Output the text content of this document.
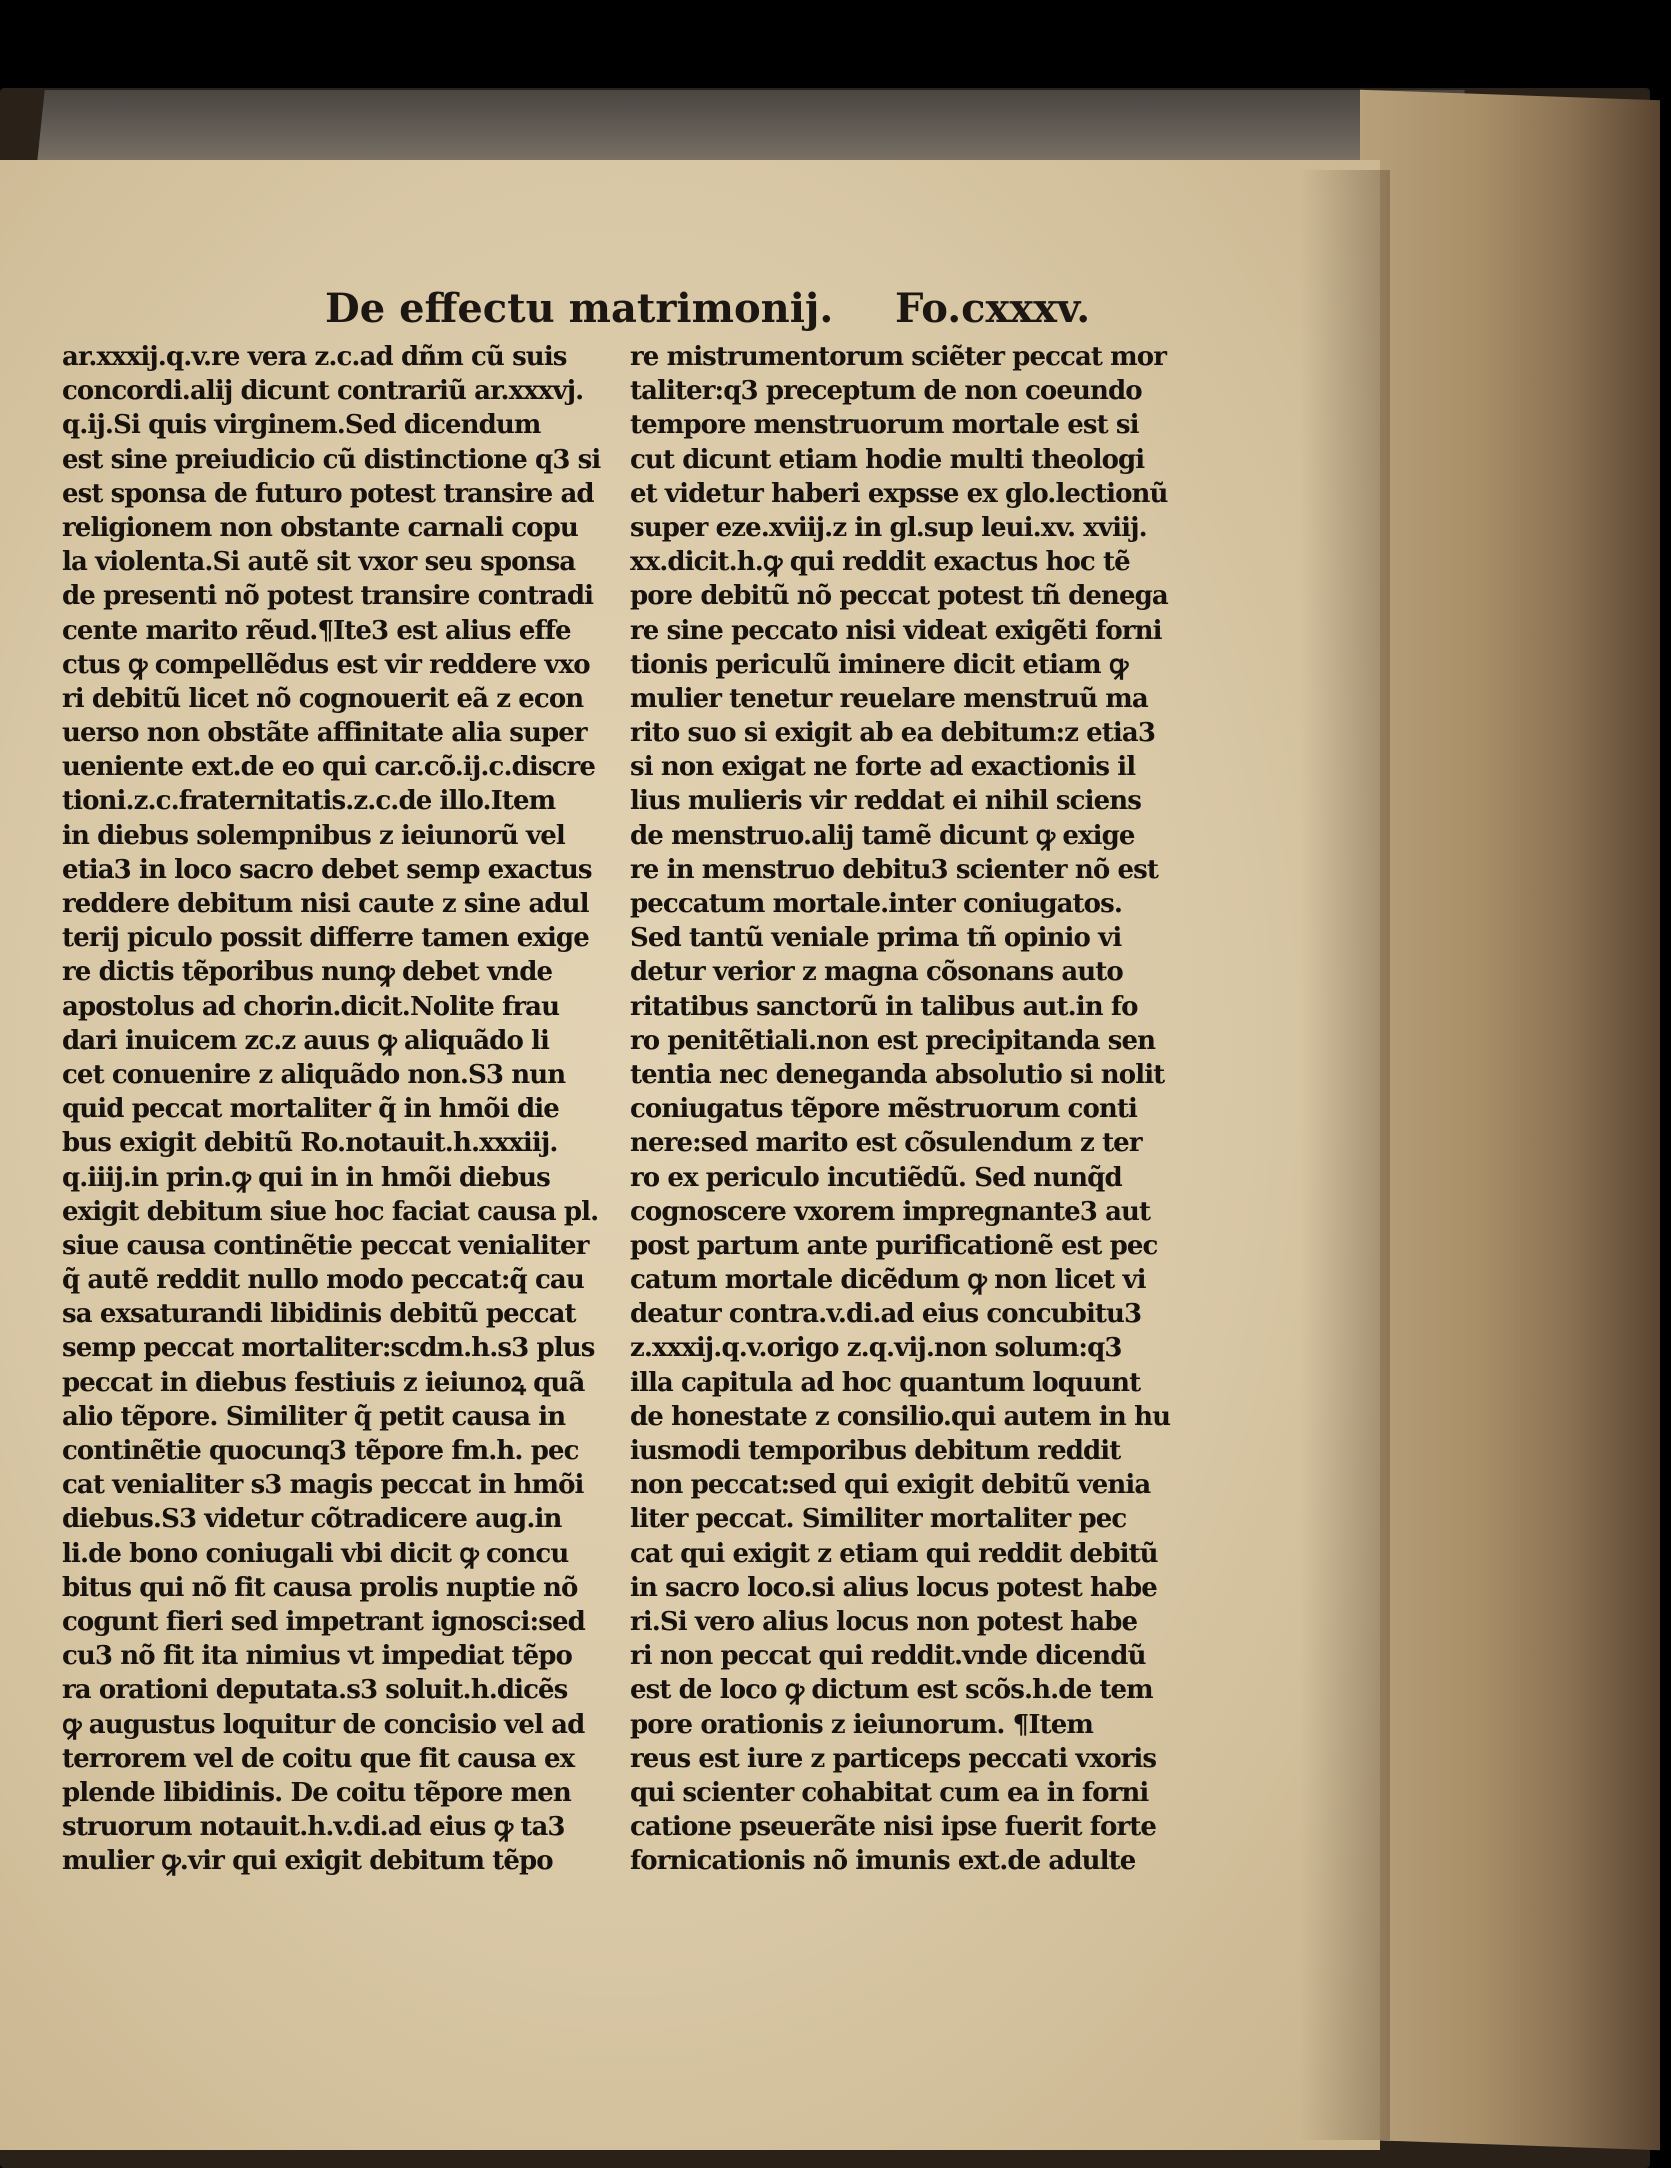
De effectu matrimonij. Fo.cxxxv.
ar.xxxij.q.v.re vera z.c.ad dñm cũ suis
concordi.alij dicunt contrariũ ar.xxxvj.
q.ij.Si quis virginem.Sed dicendum
est sine preiudicio cũ distinctione q3 si
est sponsa de futuro potest transire ad
religionem non obstante carnali copu
la violenta.Si autẽ sit vxor seu sponsa
de presenti nõ potest transire contradi
cente marito rẽud.¶Ite3 est alius effe
ctus ꝙ compellẽdus est vir reddere vxo
ri debitũ licet nõ cognouerit eã z econ
uerso non obstãte affinitate alia super
ueniente ext.de eo qui car.cõ.ij.c.discre
tioni.z.c.fraternitatis.z.c.de illo.Item
in diebus solempnibus z ieiunorũ vel
etia3 in loco sacro debet semp exactus
reddere debitum nisi caute z sine adul
terij piculo possit differre tamen exige
re dictis tẽporibus nunꝙ debet vnde
apostolus ad chorin.dicit.Nolite frau
dari inuicem zc.z auus ꝙ aliquãdo li
cet conuenire z aliquãdo non.S3 nun
quid peccat mortaliter q̃ in hmõi die
bus exigit debitũ Ro.notauit.h.xxxiij.
q.iiij.in prin.ꝙ qui in in hmõi diebus
exigit debitum siue hoc faciat causa pl.
siue causa continẽtie peccat venialiter
q̃ autẽ reddit nullo modo peccat:q̃ cau
sa exsaturandi libidinis debitũ peccat
semp peccat mortaliter:scdm.h.s3 plus
peccat in diebus festiuis z ieiunoꝝ quã
alio tẽpore. Similiter q̃ petit causa in
continẽtie quocunq3 tẽpore fm.h. pec
cat venialiter s3 magis peccat in hmõi
diebus.S3 videtur cõtradicere aug.in
li.de bono coniugali vbi dicit ꝙ concu
bitus qui nõ fit causa prolis nuptie nõ
cogunt fieri sed impetrant ignosci:sed
cu3 nõ fit ita nimius vt impediat tẽpo
ra orationi deputata.s3 soluit.h.dicẽs
ꝙ augustus loquitur de concisio vel ad
terrorem vel de coitu que fit causa ex
plende libidinis. De coitu tẽpore men
struorum notauit.h.v.di.ad eius ꝙ ta3
mulier ꝙ.vir qui exigit debitum tẽpo
re mistrumentorum sciẽter peccat mor
taliter:q3 preceptum de non coeundo
tempore menstruorum mortale est si
cut dicunt etiam hodie multi theologi
et videtur haberi expsse ex glo.lectionũ
super eze.xviij.z in gl.sup leui.xv. xviij.
xx.dicit.h.ꝙ qui reddit exactus hoc tẽ
pore debitũ nõ peccat potest tñ denega
re sine peccato nisi videat exigẽti forni
tionis periculũ iminere dicit etiam ꝙ
mulier tenetur reuelare menstruũ ma
rito suo si exigit ab ea debitum:z etia3
si non exigat ne forte ad exactionis il
lius mulieris vir reddat ei nihil sciens
de menstruo.alij tamẽ dicunt ꝙ exige
re in menstruo debitu3 scienter nõ est
peccatum mortale.inter coniugatos.
Sed tantũ veniale prima tñ opinio vi
detur verior z magna cõsonans auto
ritatibus sanctorũ in talibus aut.in fo
ro penitẽtiali.non est precipitanda sen
tentia nec deneganda absolutio si nolit
coniugatus tẽpore mẽstruorum conti
nere:sed marito est cõsulendum z ter
ro ex periculo incutiẽdũ. Sed nunq̃d
cognoscere vxorem impregnante3 aut
post partum ante purificationẽ est pec
catum mortale dicẽdum ꝙ non licet vi
deatur contra.v.di.ad eius concubitu3
z.xxxij.q.v.origo z.q.vij.non solum:q3
illa capitula ad hoc quantum loquunt
de honestate z consilio.qui autem in hu
iusmodi temporibus debitum reddit
non peccat:sed qui exigit debitũ venia
liter peccat. Similiter mortaliter pec
cat qui exigit z etiam qui reddit debitũ
in sacro loco.si alius locus potest habe
ri.Si vero alius locus non potest habe
ri non peccat qui reddit.vnde dicendũ
est de loco ꝙ dictum est scõs.h.de tem
pore orationis z ieiunorum. ¶Item
reus est iure z particeps peccati vxoris
qui scienter cohabitat cum ea in forni
catione pseuerãte nisi ipse fuerit forte
fornicationis nõ imunis ext.de adulte
